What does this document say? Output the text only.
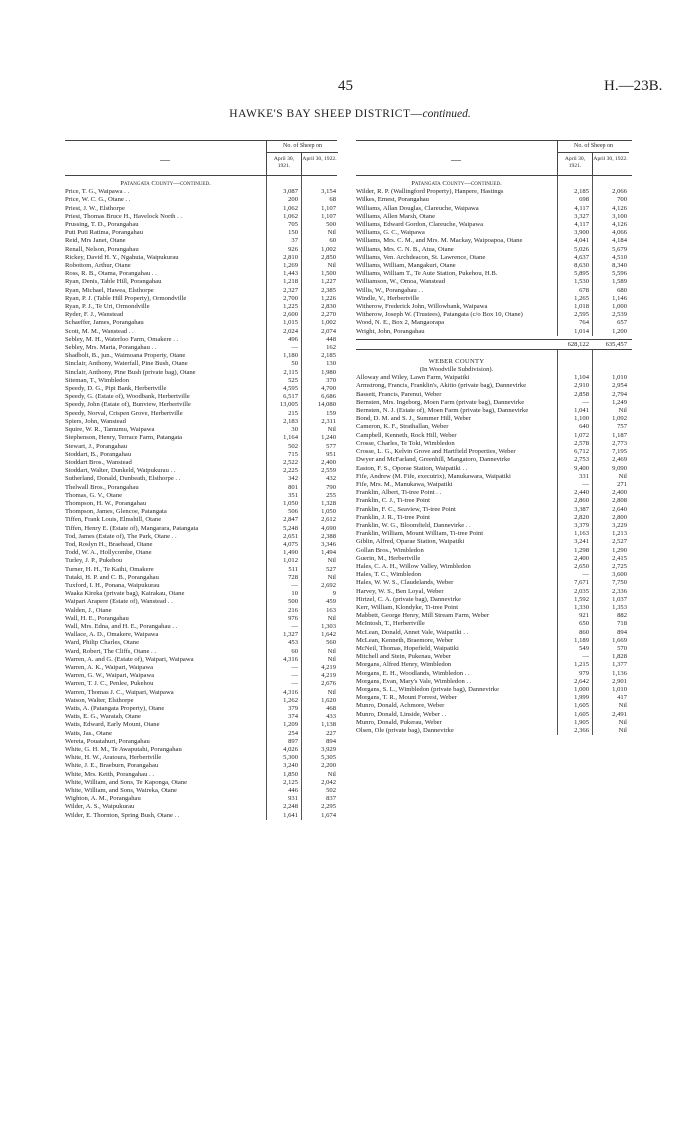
45	H.—23B.
HAWKE'S BAY SHEEP DISTRICT—continued.
—
No. of Sheep on
April 30, 1921.
April 30, 1922.
Patangata County—continued.
Price, T. G., Waipawa . .	3,087	3,154
Price, W. C. G., Otane . .	200	68
Priest, J. W., Elsthorpe	1,062	1,107
Priest, Thomas Bruce H., Havelock North . .	1,062	1,107
Prussing, T. D., Porangahau	705	500
Puti Puti Ratima, Porangahau	150	Nil
Reid, Mrs Janet, Otane	37	60
Renall, Nelson, Porangahau	926	1,002
Rickey, David H. Y., Ngahuia, Waipukurau	2,810	2,850
Robottom, Arthur, Otane	1,269	Nil
Ross, R. B., Otama, Porangahau . .	1,443	1,500
Ryan, Denis, Table Hill, Porangahau	1,218	1,227
Ryan, Michael, Hawea, Elsthorpe	2,327	2,385
Ryan, P. J. (Table Hill Property), Ormondville	2,700	1,226
Ryan, P. J., Te Uri, Ormondville	1,225	2,830
Ryder, F. J., Wanstead	2,600	2,270
Schaeffer, James, Porangahau	1,015	1,002
Scott, M. M., Wanstead . .	2,024	2,074
Sebley, M. H., Waterloo Farm, Omakere . .	496	448
Sebley, Mrs. Maria, Porangahau . .	—	162
Shadbolt, B., jun., Waimoana Property, Otane	1,180	2,185
Sinclair, Anthony, Waterfall, Pine Bush, Otane	50	130
Sinclair, Anthony, Pine Bush (private bag), Otane	2,115	1,980
Siteman, T., Wimbledon	525	370
Speedy, D. G., Pipi Bank, Herbertville	4,595	4,700
Speedy, G. (Estate of), Woodbank, Herbertville	6,517	6,686
Speedy, John (Estate of), Bunview, Herbertville	13,005	14,080
Speedy, Norval, Crispen Grove, Herbertville	215	159
Spiers, John, Wanstead	2,183	2,311
Squire, W. R., Tamumu, Waipawa	30	Nil
Stephenson, Henry, Terrace Farm, Patangata	1,164	1,240
Stewart, J., Porangahau	502	577
Stoddart, B., Porangahau	715	951
Stoddart Bros., Wanstead	2,522	2,400
Stoddart, Walter, Dunkeld, Waipukurau . .	2,225	2,559
Sutherland, Donald, Dunbeath, Elsthorpe . .	342	432
Thelwall Bros., Porangahau	801	790
Thomas, G. V., Otane	351	255
Thompson, H. W., Porangahau	1,050	1,328
Thompson, James, Glencoe, Patangata	506	1,050
Tiffen, Frank Louis, Elmshill, Otane	2,847	2,612
Tiffen, Henry E. (Estate of), Mangarara, Patangata	5,248	4,690
Tod, James (Estate of), The Park, Otane . .	2,651	2,388
Tod, Roslyn H., Braehead, Otane	4,075	3,346
Todd, W. A., Hollycombe, Otane	1,490	1,494
Turley, J. P., Pukehou	1,012	Nil
Turner, H. H., Te Kaihi, Omakere	511	527
Tutaki, H. P. and C. B., Porangahau	728	Nil
Tuxford, I. H., Ponana, Waipukurau	—	2,692
Waaka Kireka (private bag), Kairakau, Otane	10	9
Waipari Arapere (Estate of), Wanstead . .	500	459
Walden, J., Otane	216	163
Wall, H. E., Porangahau	976	Nil
Wall, Mrs. Edna, and H. E., Porangahau . .	—	1,303
Wallace, A. D., Omakere, Waipawa	1,327	1,642
Ward, Philip Charles, Otane	453	560
Ward, Robert, The Cliffs, Otane . .	60	Nil
Warren, A. and G. (Estate of), Waipari, Waipawa	4,316	Nil
Warren, A. K., Waipari, Waipawa	—	4,219
Warren, G. W., Waipari, Waipawa	—	4,219
Warren, T. J. C., Penlee, Pukehou	—	2,676
Warren, Thomas J. C., Waipari, Waipawa	4,316	Nil
Watson, Walter, Elsthorpe	1,262	1,620
Watts, A. (Patangata Property), Otane	379	468
Watts, E. G., Waratah, Otane	374	433
Watts, Edward, Early Mount, Otane	1,209	1,138
Watts, Jas., Otane	254	227
Wereta, Pouatahuri, Porangahau	897	894
White, G. H. M., Te Awaputahi, Porangahau	4,026	3,929
White, H. W., Aratoura, Herbertville	5,300	5,305
White, J. E., Braeburn, Porangahau	3,240	2,200
White, Mrs. Keith, Porangahau . .	1,850	Nil
White, William, and Sons, Te Kaponga, Otane	2,125	2,042
White, William, and Sons, Waireka, Otane	446	502
Wighton, A. M., Porangahau	931	837
Wilder, A. S., Waipukurau	2,248	2,295
Wilder, E. Thornton, Spring Bush, Otane . .	1,641	1,674
—
No. of Sheep on
April 30, 1921.
April 30, 1922.
Patangata County—continued.
Wilder, R. P. (Wallingford Property), Hanpere, Hastings	2,185	2,066
Wilkes, Ernest, Porangahau	698	700
Williams, Allan Douglas, Clareuche, Waipawa	4,117	4,126
Williams, Allen Marsh, Otane	3,327	3,100
Williams, Edward Gordon, Clareuche, Waipawa	4,117	4,126
Williams, G. C., Waipawa	3,900	4,066
Williams, Mrs. C. M., and Mrs. M. Mackay, Waipoapoa, Otane	4,041	4,184
Williams, Mrs. C. N. B., Atua, Otane	5,026	5,679
Williams, Ven. Archdeacon, St. Lawrence, Otane	4,637	4,510
Williams, William, Mangakuri, Otane	8,630	8,340
Williams, William T., Te Aute Station, Pukehou, H.B.	5,895	5,596
Williamson, W., Omoa, Wanstead	1,530	1,589
Willis, W., Porangahau . .	678	680
Windle, V., Herbertville	1,265	1,146
Witherow, Frederick John, Willowbank, Waipawa	1,018	1,000
Witherow, Joseph W. (Trustees), Patangata (c/o Box 10, Otane)	2,595	2,539
Wood, N. E., Box 2, Mangaorapa	764	657
Wright, John, Porangahau	1,014	1,200
628,122	635,457
WEBER COUNTY
(In Woodville Subdivision).
Alloway and Wiley, Lawn Farm, Waipatiki	1,104	1,010
Armstrong, Francis, Franklin's, Akitio (private bag), Dannevirke	2,910	2,954
Bassett, Francis, Parenui, Weber	2,858	2,794
Bernsten, Mrs. Ingeborg, Moen Farm (private bag), Dannevirke	—	1,249
Bernsten, N. J. (Estate of), Moen Farm (private bag), Dannevirke	1,041	Nil
Bond, D. M. and S. J., Summer Hill, Weber	1,100	1,092
Cameron, K. F., Strathallan, Weber	640	757
Campbell, Kenneth, Rock Hill, Weber	1,072	1,187
Crosse, Charles, Te Toki, Wimbledon	2,578	2,773
Crosse, L. G., Kelvin Grove and Hartfield Properties, Weber	6,712	7,195
Dwyer and McFarland, Greenhill, Mangatoro, Dannevirke	2,753	2,469
Easton, F. S., Oporae Station, Waipatiki . .	9,400	9,090
Fife, Andrew (M. Fife, executrix), Manukawara, Waipatiki	331	Nil
Fife, Mrs. M., Manukawa, Waipatiki	—	271
Franklin, Albert, Ti-tree Point . .	2,440	2,400
Franklin, C. J., Ti-tree Point	2,860	2,808
Franklin, F. C., Seaview, Ti-tree Point	3,387	2,640
Franklin, J. R., Ti-tree Point	2,820	2,800
Franklin, W. G., Bloomfield, Dannevirke . .	3,379	3,229
Franklin, William, Mount William, Ti-tree Point	1,163	1,213
Giblin, Alfred, Oparae Station, Waipatiki	3,241	2,527
Gollan Bros., Wimbledon	1,298	1,290
Guerin, M., Herbertville	2,400	2,415
Hales, C. A. H., Willow Valley, Wimbledon	2,650	2,725
Hales, T. C., Wimbledon	—	3,600
Hales, W. W. S., Claudelands, Weber	7,671	7,750
Harvey, W. S., Ben Loyal, Weber	2,035	2,336
Hirtzel, C. A. (private bag), Dannevirke	1,592	1,037
Kerr, William, Klondyke, Ti-tree Point	1,330	1,353
Mabbett, George Henry, Mill Stream Farm, Weber	921	882
McIntosh, T., Herbertville	650	718
McLean, Donald, Annet Vale, Waipatiki . .	860	894
McLean, Kenneth, Braemore, Weber	1,189	1,669
McNeil, Thomas, Hopefield, Waipatiki	549	570
Mitchell and Stein, Pukenau, Weber	—	1,828
Morgans, Alfred Henry, Wimbledon	1,215	1,377
Morgans, E. H., Woodlands, Wimbledon . .	979	1,136
Morgans, Evan, Mary's Vale, Wimbledon . .	2,642	2,901
Morgans, S. L., Wimbledon (private bag), Dannevirke	1,000	1,010
Morgans, T. R., Mount Forrest, Weber	1,999	417
Munro, Donald, Achmore, Weber	1,605	Nil
Munro, Donald, Linside, Weber . .	1,605	2,491
Munro, Donald, Pukerau, Weber	1,905	Nil
Olsen, Ole (private bag), Dannevirke	2,366	Nil
